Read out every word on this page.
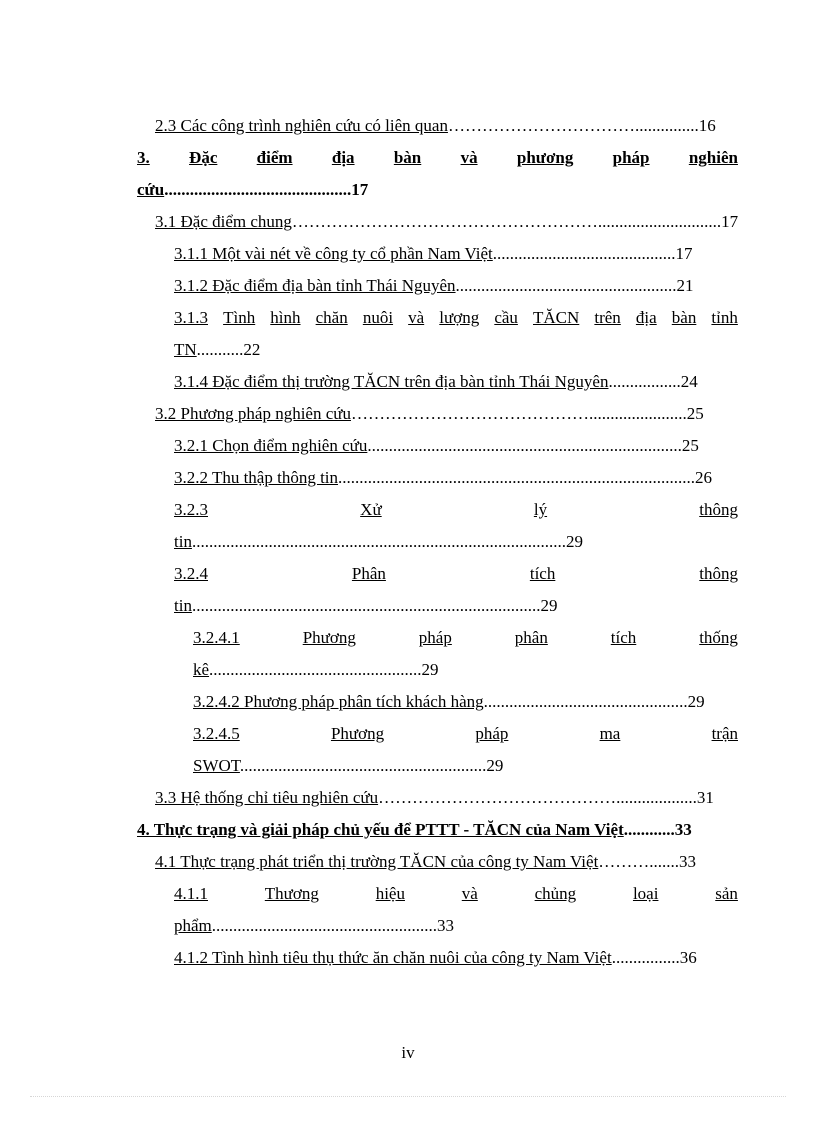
2.3 Các công trình nghiên cứu có liên quan……………………………...............16
3. Đặc điểm địa bàn và phương pháp nghiên
cứu............................................17
3.1 Đặc điểm chung……………………………………………….............................17
3.1.1 Một vài nét về công ty cổ phần Nam Việt...........................................17
3.1.2 Đặc điểm địa bàn tỉnh Thái Nguyên....................................................21
3.1.3 Tình hình chăn nuôi và lượng cầu TĂCN trên địa bàn tỉnh
TN...........22
3.1.4 Đặc điểm thị trường TĂCN trên địa bàn tỉnh Thái Nguyên.................24
3.2 Phương pháp nghiên cứu…………………………………….......................25
3.2.1 Chọn điểm nghiên cứu..........................................................................25
3.2.2 Thu thập thông tin....................................................................................26
3.2.3	Xử	lý	thông
tin........................................................................................29
3.2.4	Phân	tích	thông
tin..................................................................................29
3.2.4.1	Phương	pháp	phân	tích	thống
kê..................................................29
3.2.4.2 Phương pháp phân tích khách hàng................................................29
3.2.4.5	Phương	pháp	ma	trận
SWOT..........................................................29
3.3 Hệ thống chỉ tiêu nghiên cứu……………………………………...................31
4. Thực trạng và giải pháp chủ yếu để PTTT - TĂCN của Nam Việt............33
4.1 Thực trạng phát triển thị trường TĂCN của công ty Nam Việt……….......33
4.1.1	Thương	hiệu	và	chủng	loại	sản
phẩm.....................................................33
4.1.2 Tình hình tiêu thụ thức ăn chăn nuôi của công ty Nam Việt................36
iv
